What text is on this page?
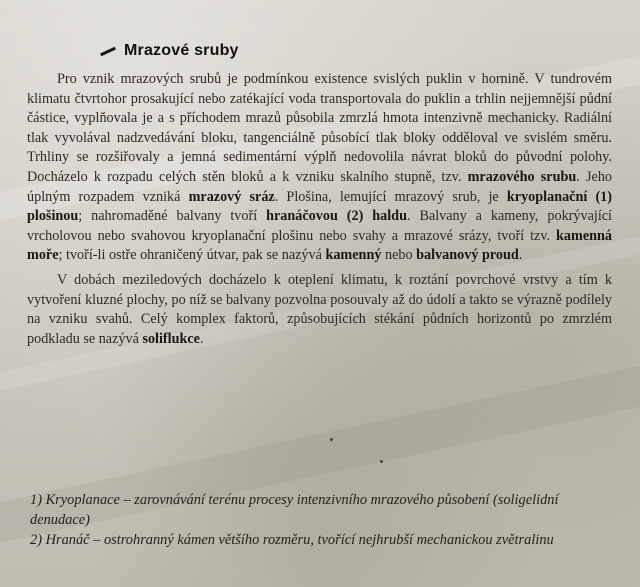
Mrazové sruby

Pro vznik mrazových srubů je podmínkou existence svislých puklin v hornině. V tundrovém klimatu čtvrtohor prosakující nebo zatékající voda transportovala do puklin a trhlin nejjemnější půdní částice, vyplňovala je a s příchodem mrazů působila zmrzlá hmota intenzivně mechanicky. Radiální tlak vyvolával nadzvedávání bloku, tangenciálně působící tlak bloky odděloval ve svislém směru. Trhliny se rozšiřovaly a jemná sedimentární výplň nedovolila návrat bloků do původní polohy. Docházelo k rozpadu celých stěn bloků a k vzniku skalního stupně, tzv. mrazového srubu. Jeho úplným rozpadem vzniká mrazový sráz. Plošina, lemující mrazový srub, je kryoplanační (1) plošinou; nahromaděné balvany tvoří hranáčovou (2) haldu. Balvany a kameny, pokrývající vrcholovou nebo svahovou kryoplanační plošinu nebo svahy a mrazové srázy, tvoří tzv. kamenná moře; tvoří-li ostře ohraničený útvar, pak se nazývá kamenný nebo balvanový proud.

V dobách meziledových docházelo k oteplení klimatu, k roztání povrchové vrstvy a tím k vytvoření kluzné plochy, po níž se balvany pozvolna posouvaly až do údolí a takto se výrazně podílely na vzniku svahů. Celý komplex faktorů, způsobujících stékání půdních horizontů po zmrzlém podkladu se nazývá soliflukce.

1) Kryoplanace – zarovnávání terénu procesy intenzivního mrazového působení (soligelidní denudace)

2) Hranáč – ostrohranný kámen většího rozměru, tvořící nejhrubší mechanickou zvětralinu
